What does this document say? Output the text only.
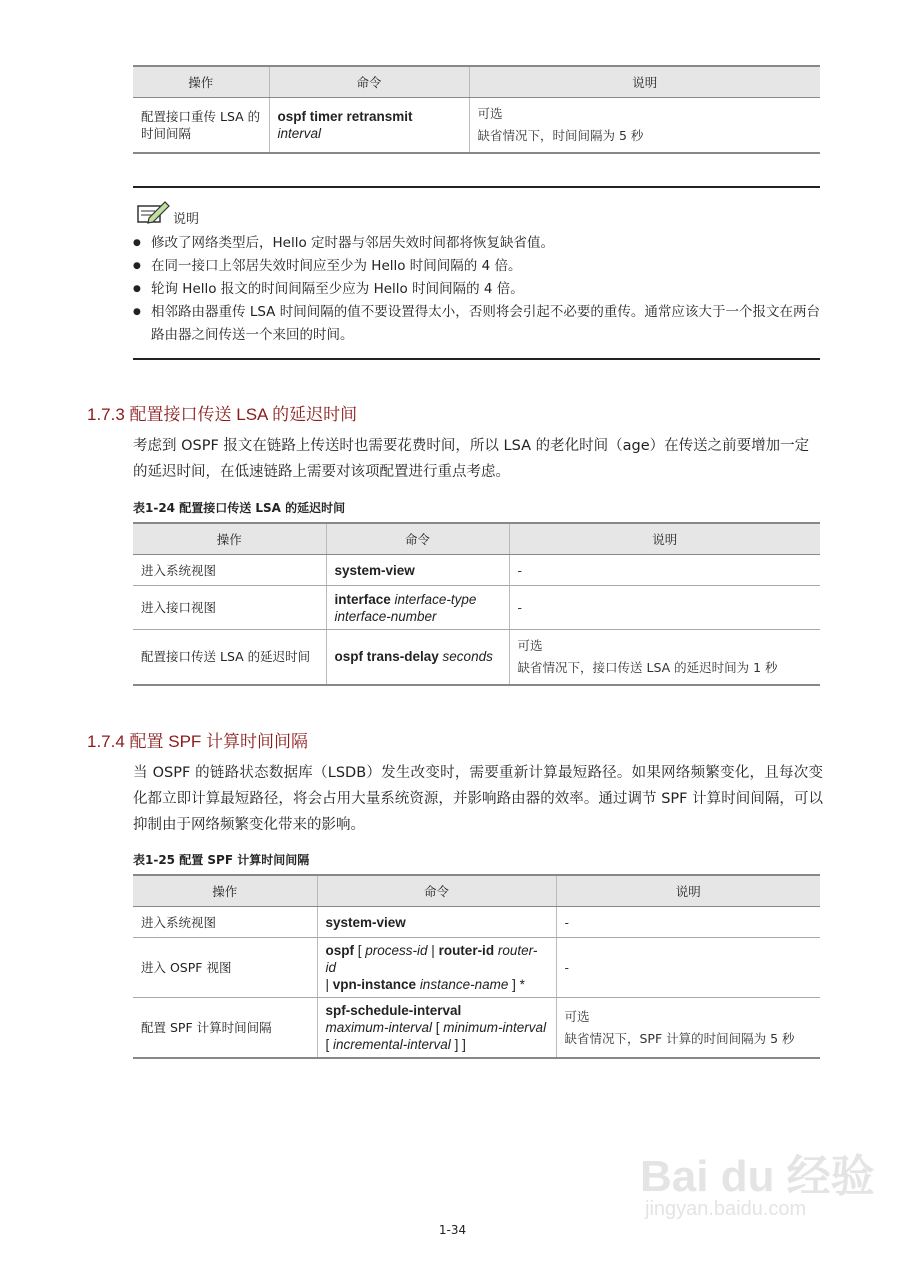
操作	命令	说明
配置接口重传 LSA 的时间间隔	ospf timer retransmit
interval	可选
缺省情况下，时间间隔为 5 秒
说明
● 修改了网络类型后，Hello 定时器与邻居失效时间都将恢复缺省值。
● 在同一接口上邻居失效时间应至少为 Hello 时间间隔的 4 倍。
● 轮询 Hello 报文的时间间隔至少应为 Hello 时间间隔的 4 倍。
● 相邻路由器重传 LSA 时间间隔的值不要设置得太小，否则将会引起不必要的重传。通常应该大于一个报文在两台路由器之间传送一个来回的时间。
1.7.3 配置接口传送 LSA 的延迟时间

考虑到 OSPF 报文在链路上传送时也需要花费时间，所以 LSA 的老化时间（age）在传送之前要增加一定的延迟时间，在低速链路上需要对该项配置进行重点考虑。

表1-24 配置接口传送 LSA 的延迟时间
操作	命令	说明
进入系统视图	system-view	-
进入接口视图	interface interface-type
interface-number	-
配置接口传送 LSA 的延迟时间	ospf trans-delay seconds	可选
缺省情况下，接口传送 LSA 的延迟时间为 1 秒
1.7.4 配置 SPF 计算时间间隔

当 OSPF 的链路状态数据库（LSDB）发生改变时，需要重新计算最短路径。如果网络频繁变化，且每次变化都立即计算最短路径，将会占用大量系统资源，并影响路由器的效率。通过调节 SPF 计算时间间隔，可以抑制由于网络频繁变化带来的影响。

表1-25 配置 SPF 计算时间间隔
操作	命令	说明
进入系统视图	system-view	-
进入 OSPF 视图	ospf [ process-id | router-id router-id
| vpn-instance instance-name ] *	-
配置 SPF 计算时间间隔	spf-schedule-interval
maximum-interval [ minimum-interval
[ incremental-interval ] ]	可选
缺省情况下，SPF 计算的时间间隔为 5 秒
Bai du 经验
jingyan.baidu.com
1-34
